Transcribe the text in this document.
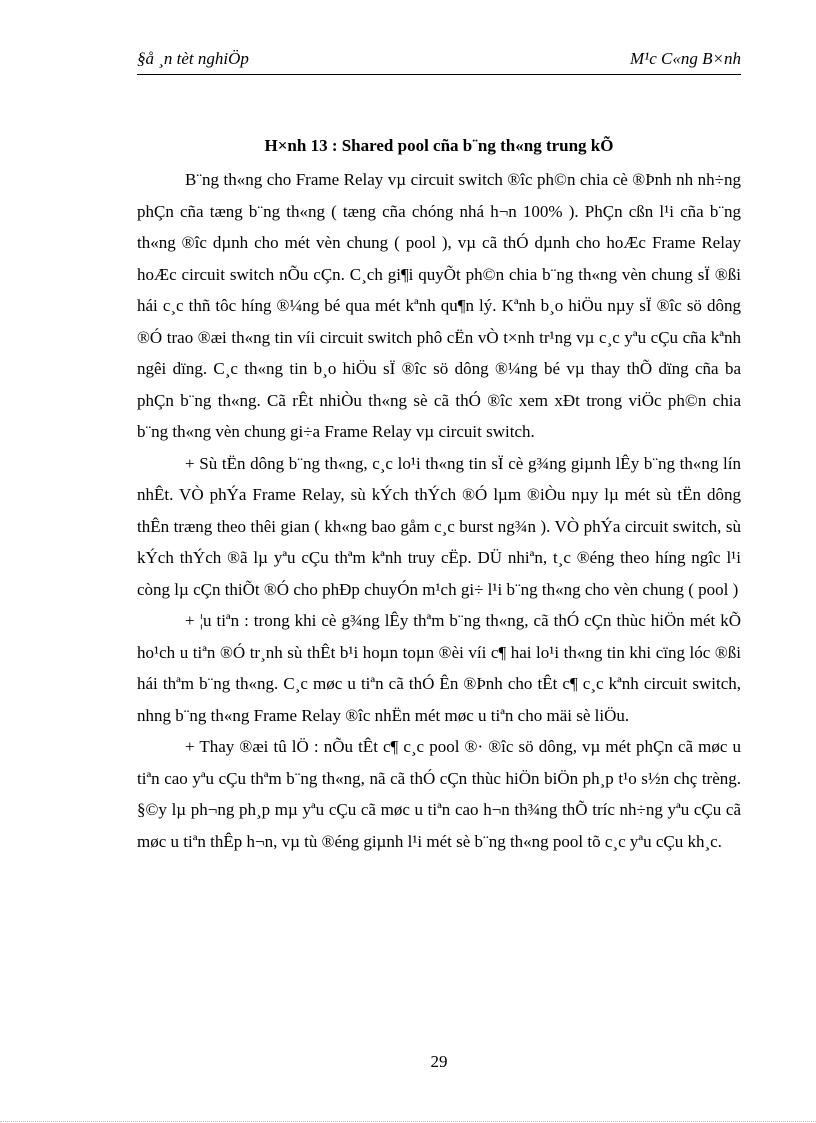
§å ¸n tèt nghiÖp	M¹c C«ng B×nh
H×nh 13 : Shared pool cña b¨ng th«ng trung kÕ

B¨ng th«ng cho Frame Relay vµ circuit switch ®îc ph©n chia cè ®Þnh nh nh÷ng phÇn cña tæng b¨ng th«ng ( tæng cña chóng nhá h¬n 100% ). PhÇn cßn l¹i cña b¨ng th«ng ®îc dµnh cho mét vèn chung ( pool ), vµ cã thÓ dµnh cho hoÆc Frame Relay hoÆc circuit switch nÕu cÇn. C¸ch gi¶i quyÕt ph©n chia b¨ng th«ng vèn chung sÏ ®ßi hái c¸c thñ tôc híng ®¼ng bé qua mét kªnh qu¶n lý. Kªnh b¸o hiÖu nµy sÏ ®îc sö dông ®Ó trao ®æi th«ng tin víi circuit switch phô cËn vÒ t×nh tr¹ng vµ c¸c yªu cÇu cña kªnh ngêi dïng. C¸c th«ng tin b¸o hiÖu sÏ ®îc sö dông ®¼ng bé vµ thay thÕ dïng cña ba phÇn b¨ng th«ng. Cã rÊt nhiÒu th«ng sè cã thÓ ®îc xem xÐt trong viÖc ph©n chia b¨ng th«ng vèn chung gi÷a Frame Relay vµ circuit switch.

+ Sù tËn dông b¨ng th«ng, c¸c lo¹i th«ng tin sÏ cè g¾ng giµnh lÊy b¨ng th«ng lín nhÊt. VÒ phÝa Frame Relay, sù kÝch thÝch ®Ó lµm ®iÒu nµy lµ mét sù tËn dông thÊn træng theo thêi gian ( kh«ng bao gåm c¸c burst ng¾n ). VÒ phÝa circuit switch, sù kÝch thÝch ®ã lµ yªu cÇu thªm kªnh truy cËp. DÜ nhiªn, t¸c ®éng theo híng ngîc l¹i còng lµ cÇn thiÕt ®Ó cho phÐp chuyÓn m¹ch gi÷ l¹i b¨ng th«ng cho vèn chung ( pool )

+ ¦u tiªn : trong khi cè g¾ng lÊy thªm b¨ng th«ng, cã thÓ cÇn thùc hiÖn mét kÕ ho¹ch u tiªn ®Ó tr¸nh sù thÊt b¹i hoµn toµn ®èi víi c¶ hai lo¹i th«ng tin khi cïng lóc ®ßi hái thªm b¨ng th«ng. C¸c møc u tiªn cã thÓ Ên ®Þnh cho tÊt c¶ c¸c kªnh circuit switch, nhng b¨ng th«ng Frame Relay ®îc nhËn mét møc u tiªn cho mäi sè liÖu.

+ Thay ®æi tû lÖ : nÕu tÊt c¶ c¸c pool ®· ®îc sö dông, vµ mét phÇn cã møc u tiªn cao yªu cÇu thªm b¨ng th«ng, nã cã thÓ cÇn thùc hiÖn biÖn ph¸p t¹o s½n chç trèng. §©y lµ ph¬ng ph¸p mµ yªu cÇu cã møc u tiªn cao h¬n th¾ng thÕ tríc nh÷ng yªu cÇu cã møc u tiªn thÊp h¬n, vµ tù ®éng giµnh l¹i mét sè b¨ng th«ng pool tõ c¸c yªu cÇu kh¸c.

29
